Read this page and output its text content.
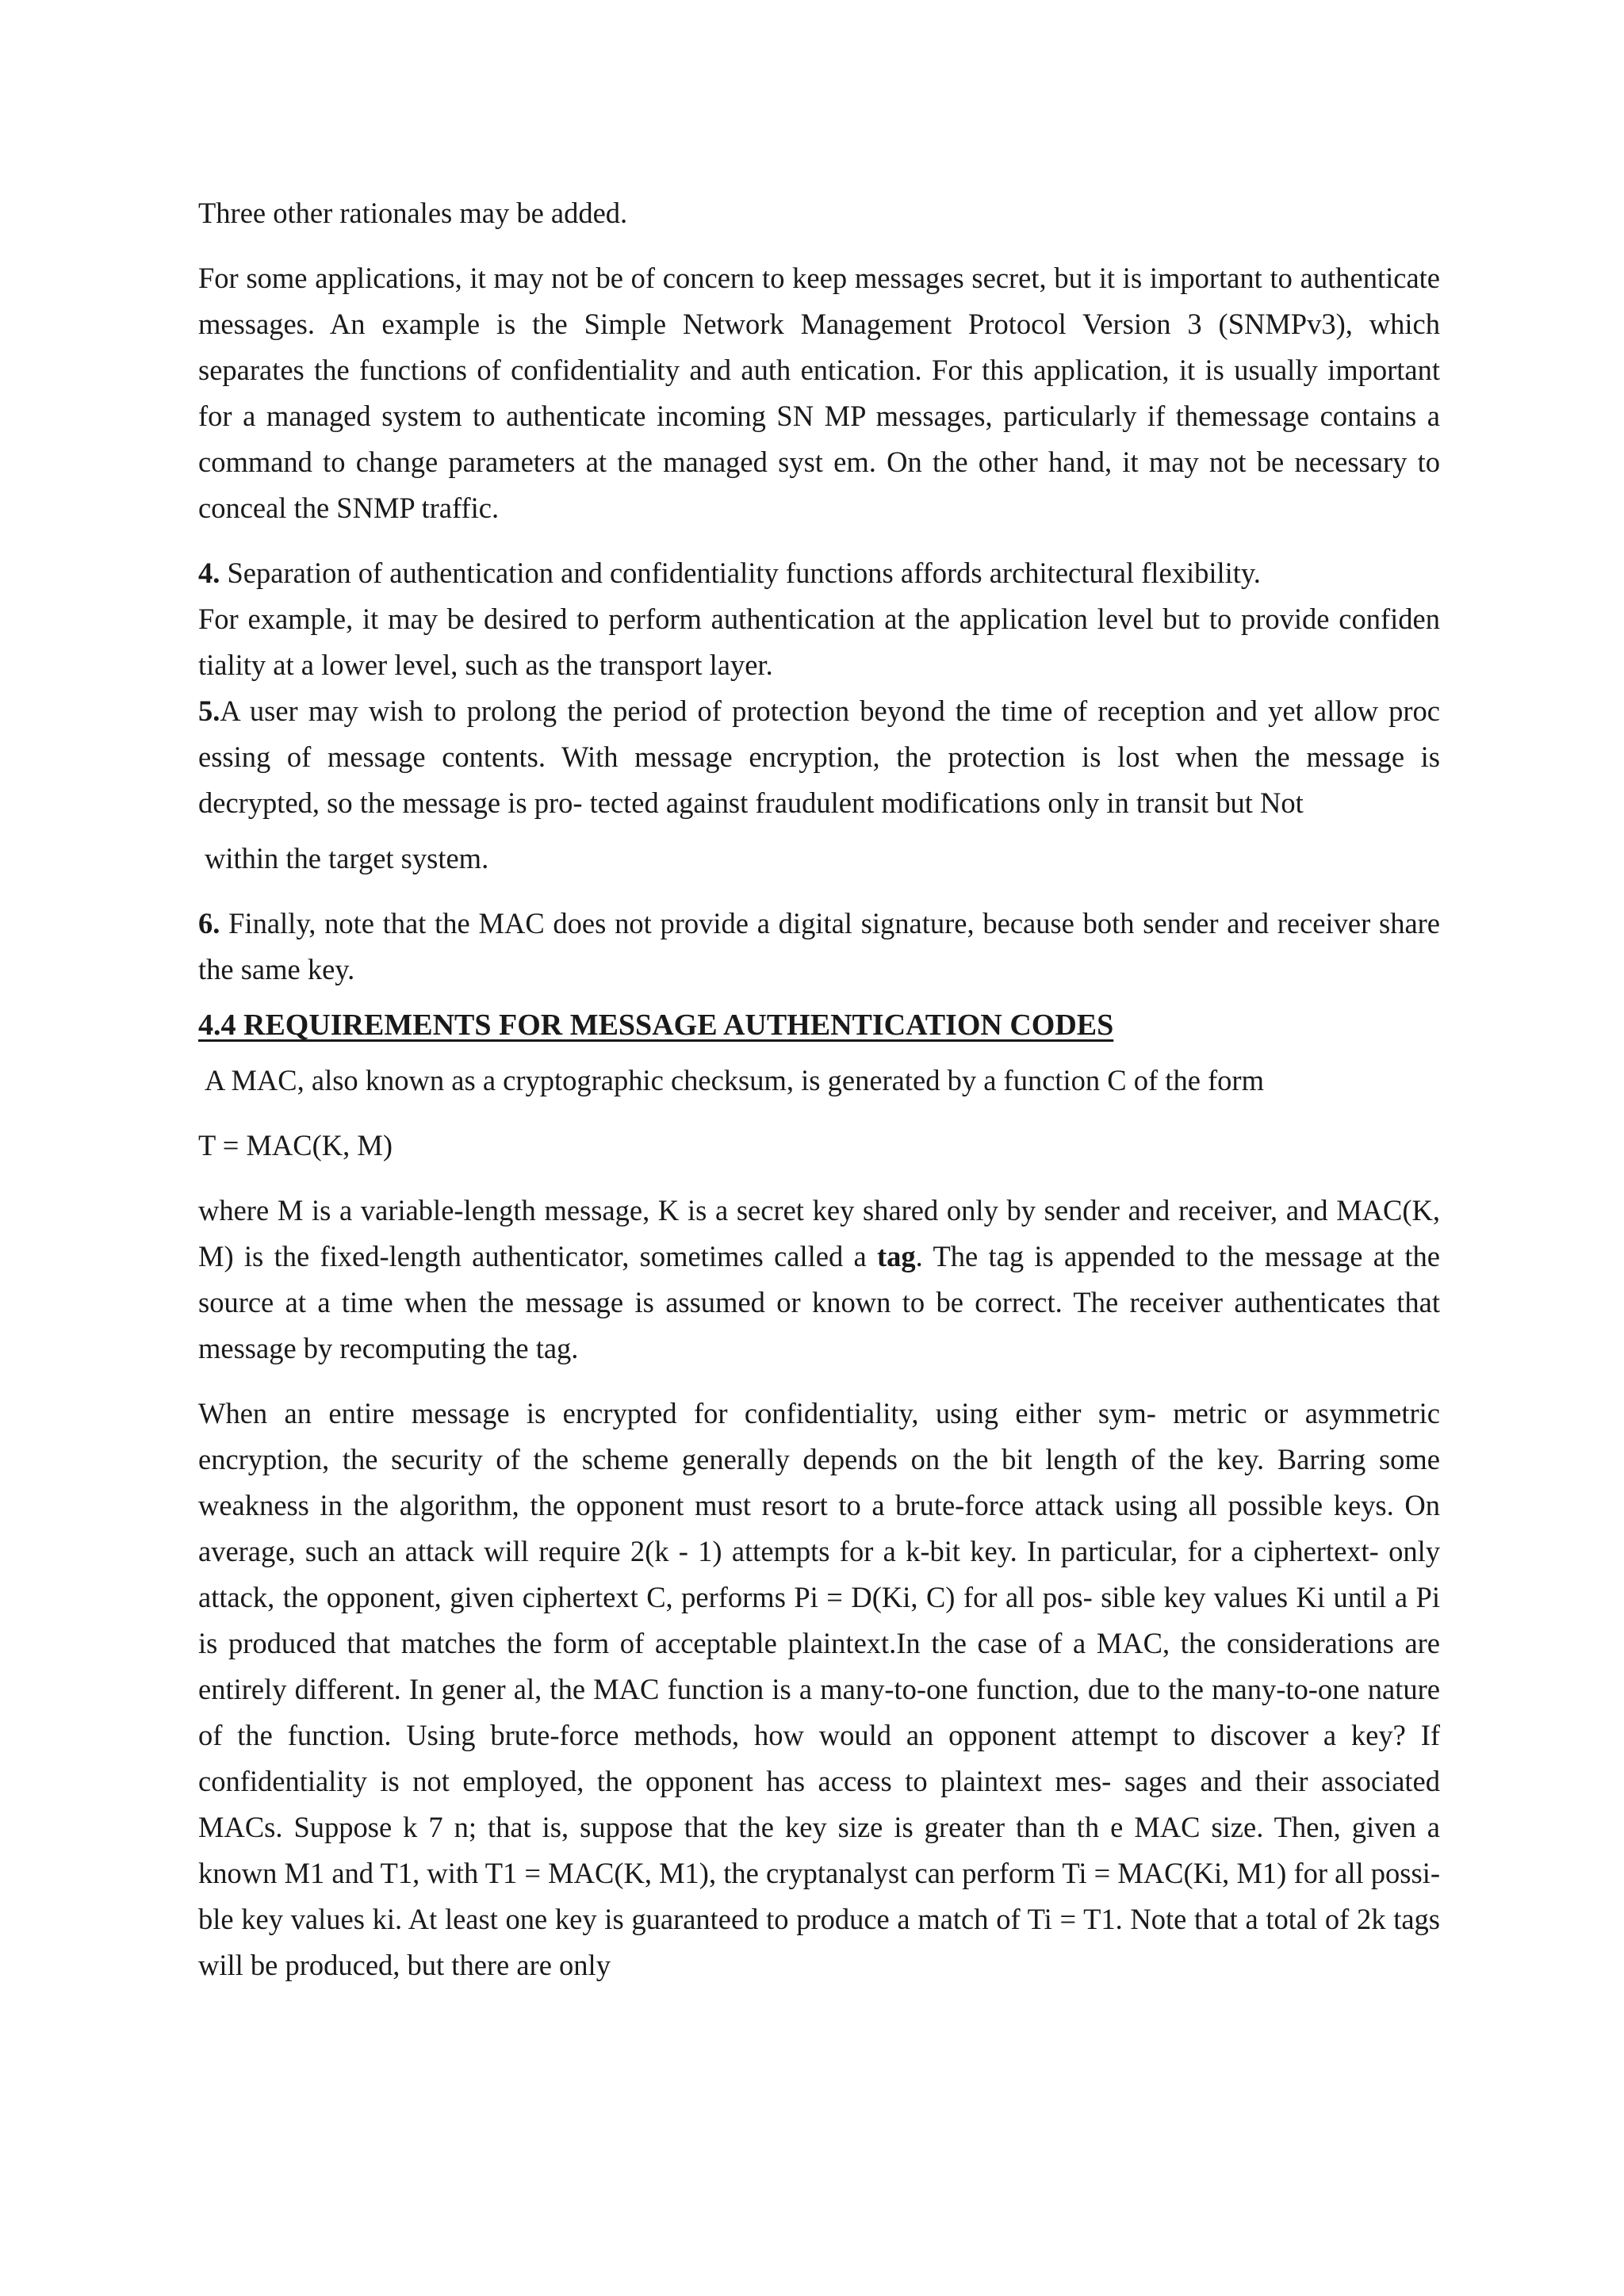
Three other rationales may be added.

For some applications, it may not be of concern to keep messages secret, but it is important to authenticate messages. An example is the Simple Network Management Protocol Version 3 (SNMPv3), which separates the functions of confidentiality and auth entication. For this application, it is usually important for a managed system to authenticate incoming SN MP messages, particularly if themessage contains a command to change parameters at the managed syst em. On the other hand, it may not be necessary to conceal the SNMP traffic.

4. Separation of authentication and confidentiality functions affords architectural flexibility.

For example, it may be desired to perform authentication at the application level but to provide confiden tiality at a lower level, such as the transport layer.

5.A user may wish to prolong the period of protection beyond the time of reception and yet allow proc essing of message contents. With message encryption, the protection is lost when the message is decrypted, so the message is pro- tected against fraudulent modifications only in transit but Not

within the target system.

6. Finally, note that the MAC does not provide a digital signature, because both sender and receiver share the same key.

4.4 REQUIREMENTS FOR MESSAGE AUTHENTICATION CODES

A MAC, also known as a cryptographic checksum, is generated by a function C of the form

T = MAC(K, M)

where M is a variable-length message, K is a secret key shared only by sender and receiver, and MAC(K, M) is the fixed-length authenticator, sometimes called a tag. The tag is appended to the message at the source at a time when the message is assumed or known to be correct. The receiver authenticates that message by recomputing the tag.

When an entire message is encrypted for confidentiality, using either sym- metric or asymmetric encryption, the security of the scheme generally depends on the bit length of the key. Barring some weakness in the algorithm, the opponent must resort to a brute-force attack using all possible keys. On average, such an attack will require 2(k - 1) attempts for a k-bit key. In particular, for a ciphertext- only attack, the opponent, given ciphertext C, performs Pi = D(Ki, C) for all pos- sible key values Ki until a Pi is produced that matches the form of acceptable plaintext.In the case of a MAC, the considerations are entirely different. In gener al, the MAC function is a many-to-one function, due to the many-to-one nature of the function. Using brute-force methods, how would an opponent attempt to discover a key? If confidentiality is not employed, the opponent has access to plaintext mes- sages and their associated MACs. Suppose k 7 n; that is, suppose that the key size is greater than th e MAC size. Then, given a known M1 and T1, with T1 = MAC(K, M1), the cryptanalyst can perform Ti = MAC(Ki, M1) for all possi- ble key values ki. At least one key is guaranteed to produce a match of Ti = T1. Note that a total of 2k tags will be produced, but there are only
